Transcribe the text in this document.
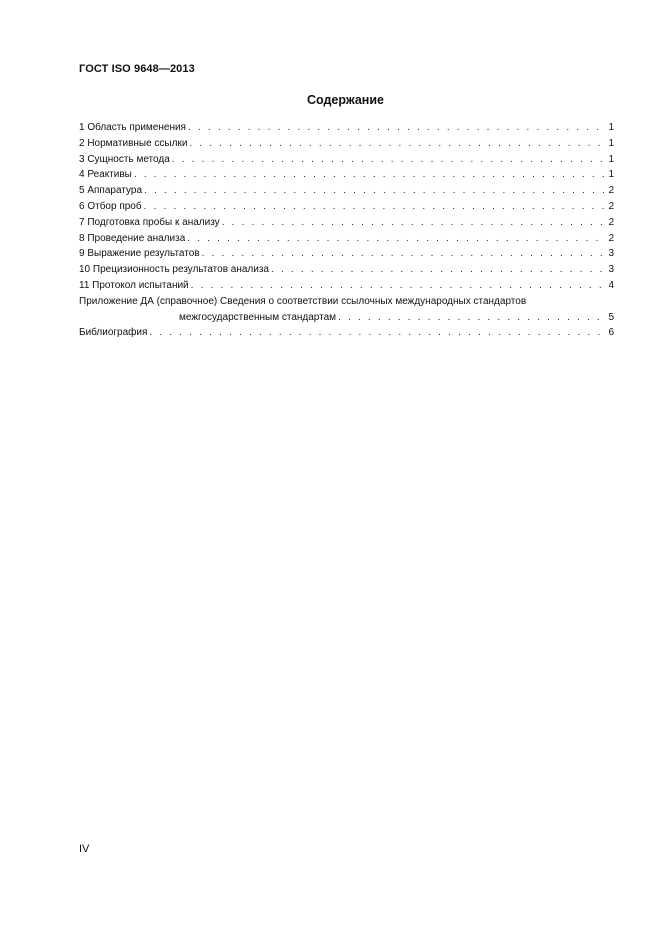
ГОСТ ISO 9648—2013
Содержание
1 Область применения . . .	1
2 Нормативные ссылки . . .	1
3 Сущность метода . . .	1
4 Реактивы . . .	1
5 Аппаратура . . .	2
6 Отбор проб . . .	2
7 Подготовка пробы к анализу . . .	2
8 Проведение анализа . . .	2
9 Выражение результатов . . .	3
10 Прецизионность результатов анализа . . .	3
11 Протокол испытаний . . .	4
Приложение ДА (справочное) Сведения о соответствии ссылочных международных стандартов
межгосударственным стандартам . . .	5
Библиография . . .	6
IV
